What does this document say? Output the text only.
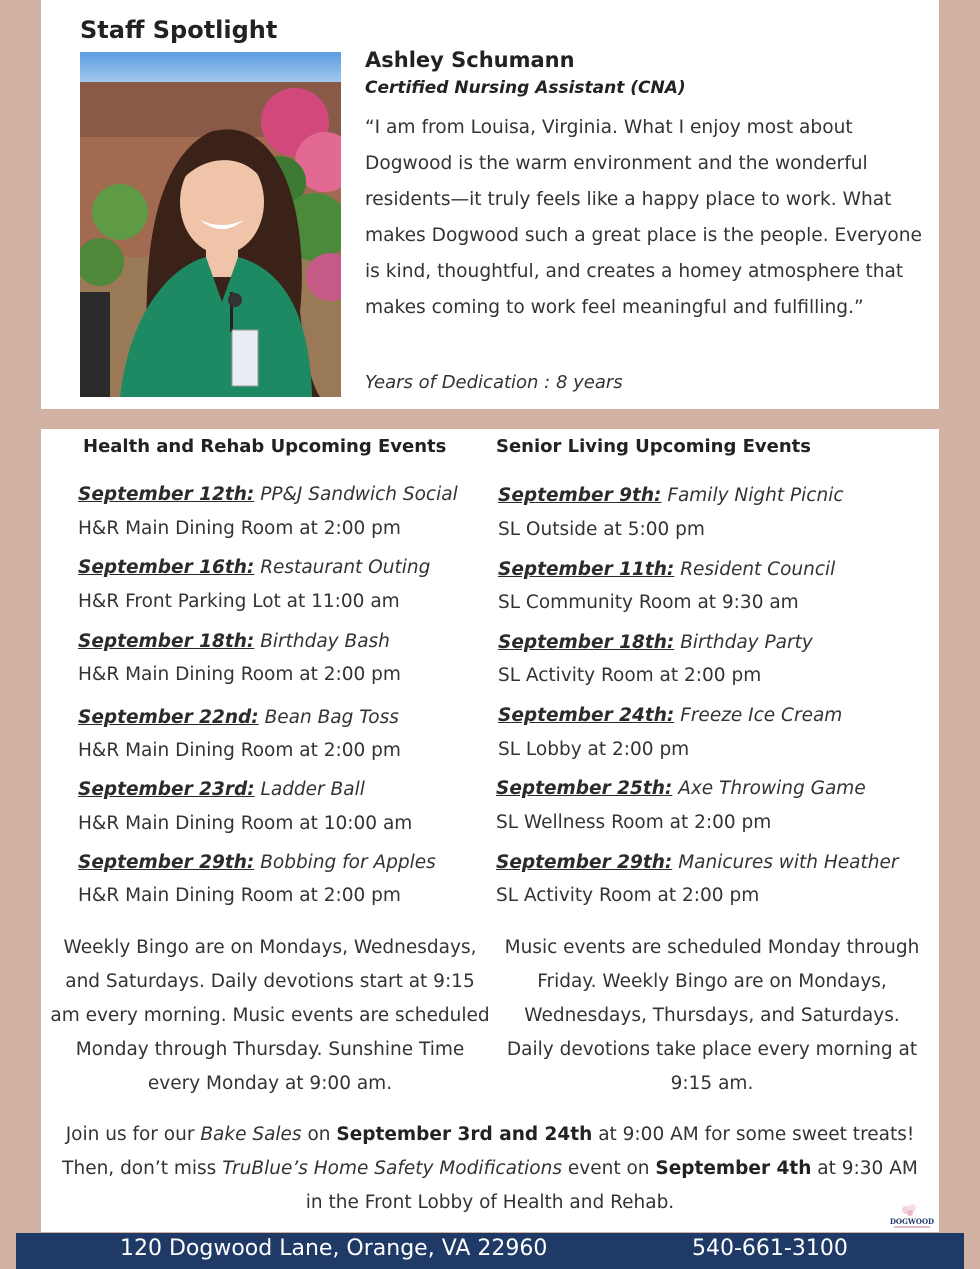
Staff Spotlight
Ashley Schumann
Certified Nursing Assistant (CNA)
“I am from Louisa, Virginia. What I enjoy most about Dogwood is the warm environment and the wonderful residents—it truly feels like a happy place to work. What makes Dogwood such a great place is the people. Everyone is kind, thoughtful, and creates a homey atmosphere that makes coming to work feel meaningful and fulfilling.”
Years of Dedication : 8 years
Health and Rehab Upcoming Events	Senior Living Upcoming Events
September 12th: PP&J Sandwich Social
H&R Main Dining Room at 2:00 pm
September 16th: Restaurant Outing
H&R Front Parking Lot at 11:00 am
September 18th: Birthday Bash
H&R Main Dining Room at 2:00 pm
September 22nd: Bean Bag Toss
H&R Main Dining Room at 2:00 pm
September 23rd: Ladder Ball
H&R Main Dining Room at 10:00 am
September 29th: Bobbing for Apples
H&R Main Dining Room at 2:00 pm
September 9th: Family Night Picnic
SL Outside at 5:00 pm
September 11th: Resident Council
SL Community Room at 9:30 am
September 18th: Birthday Party
SL Activity Room at 2:00 pm
September 24th: Freeze Ice Cream
SL Lobby at 2:00 pm
September 25th: Axe Throwing Game
SL Wellness Room at 2:00 pm
September 29th: Manicures with Heather
SL Activity Room at 2:00 pm
Weekly Bingo are on Mondays, Wednesdays, and Saturdays. Daily devotions start at 9:15 am every morning. Music events are scheduled Monday through Thursday. Sunshine Time every Monday at 9:00 am.
Music events are scheduled Monday through Friday. Weekly Bingo are on Mondays, Wednesdays, Thursdays, and Saturdays. Daily devotions take place every morning at 9:15 am.
Join us for our Bake Sales on September 3rd and 24th at 9:00 AM for some sweet treats! Then, don’t miss TruBlue’s Home Safety Modifications event on September 4th at 9:30 AM in the Front Lobby of Health and Rehab.
DOGWOOD
120 Dogwood Lane, Orange, VA 22960	540-661-3100
